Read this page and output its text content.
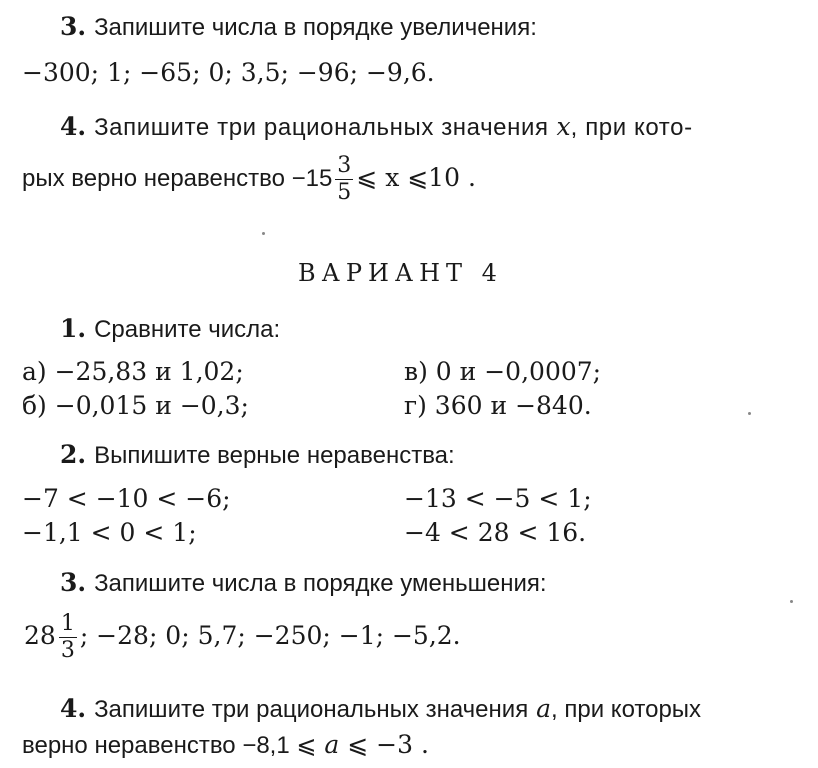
3. Запишите числа в порядке увеличения:
−300; 1; −65; 0; 3,5; −96; −9,6.
4. Запишите три рациональных значения x, при кото-
рых верно неравенство $-15 \frac{3}{5}$ ⩽ x ⩽10 .
ВАРИАНТ 4
1. Сравните числа:
а) −25,83 и 1,02;	в) 0 и −0,0007;
б) −0,015 и −0,3;	г) 360 и −840.
2. Выпишите верные неравенства:
−7 < −10 < −6;	−13 < −5 < 1;
−1,1 < 0 < 1;	−4 < 28 < 16.
3. Запишите числа в порядке уменьшения:
$28 \frac{1}{3}$ ; −28; 0; 5,7; −250; −1; −5,2.
4. Запишите три рациональных значения a, при которых
верно неравенство −8,1 ⩽ a ⩽ −3 .
